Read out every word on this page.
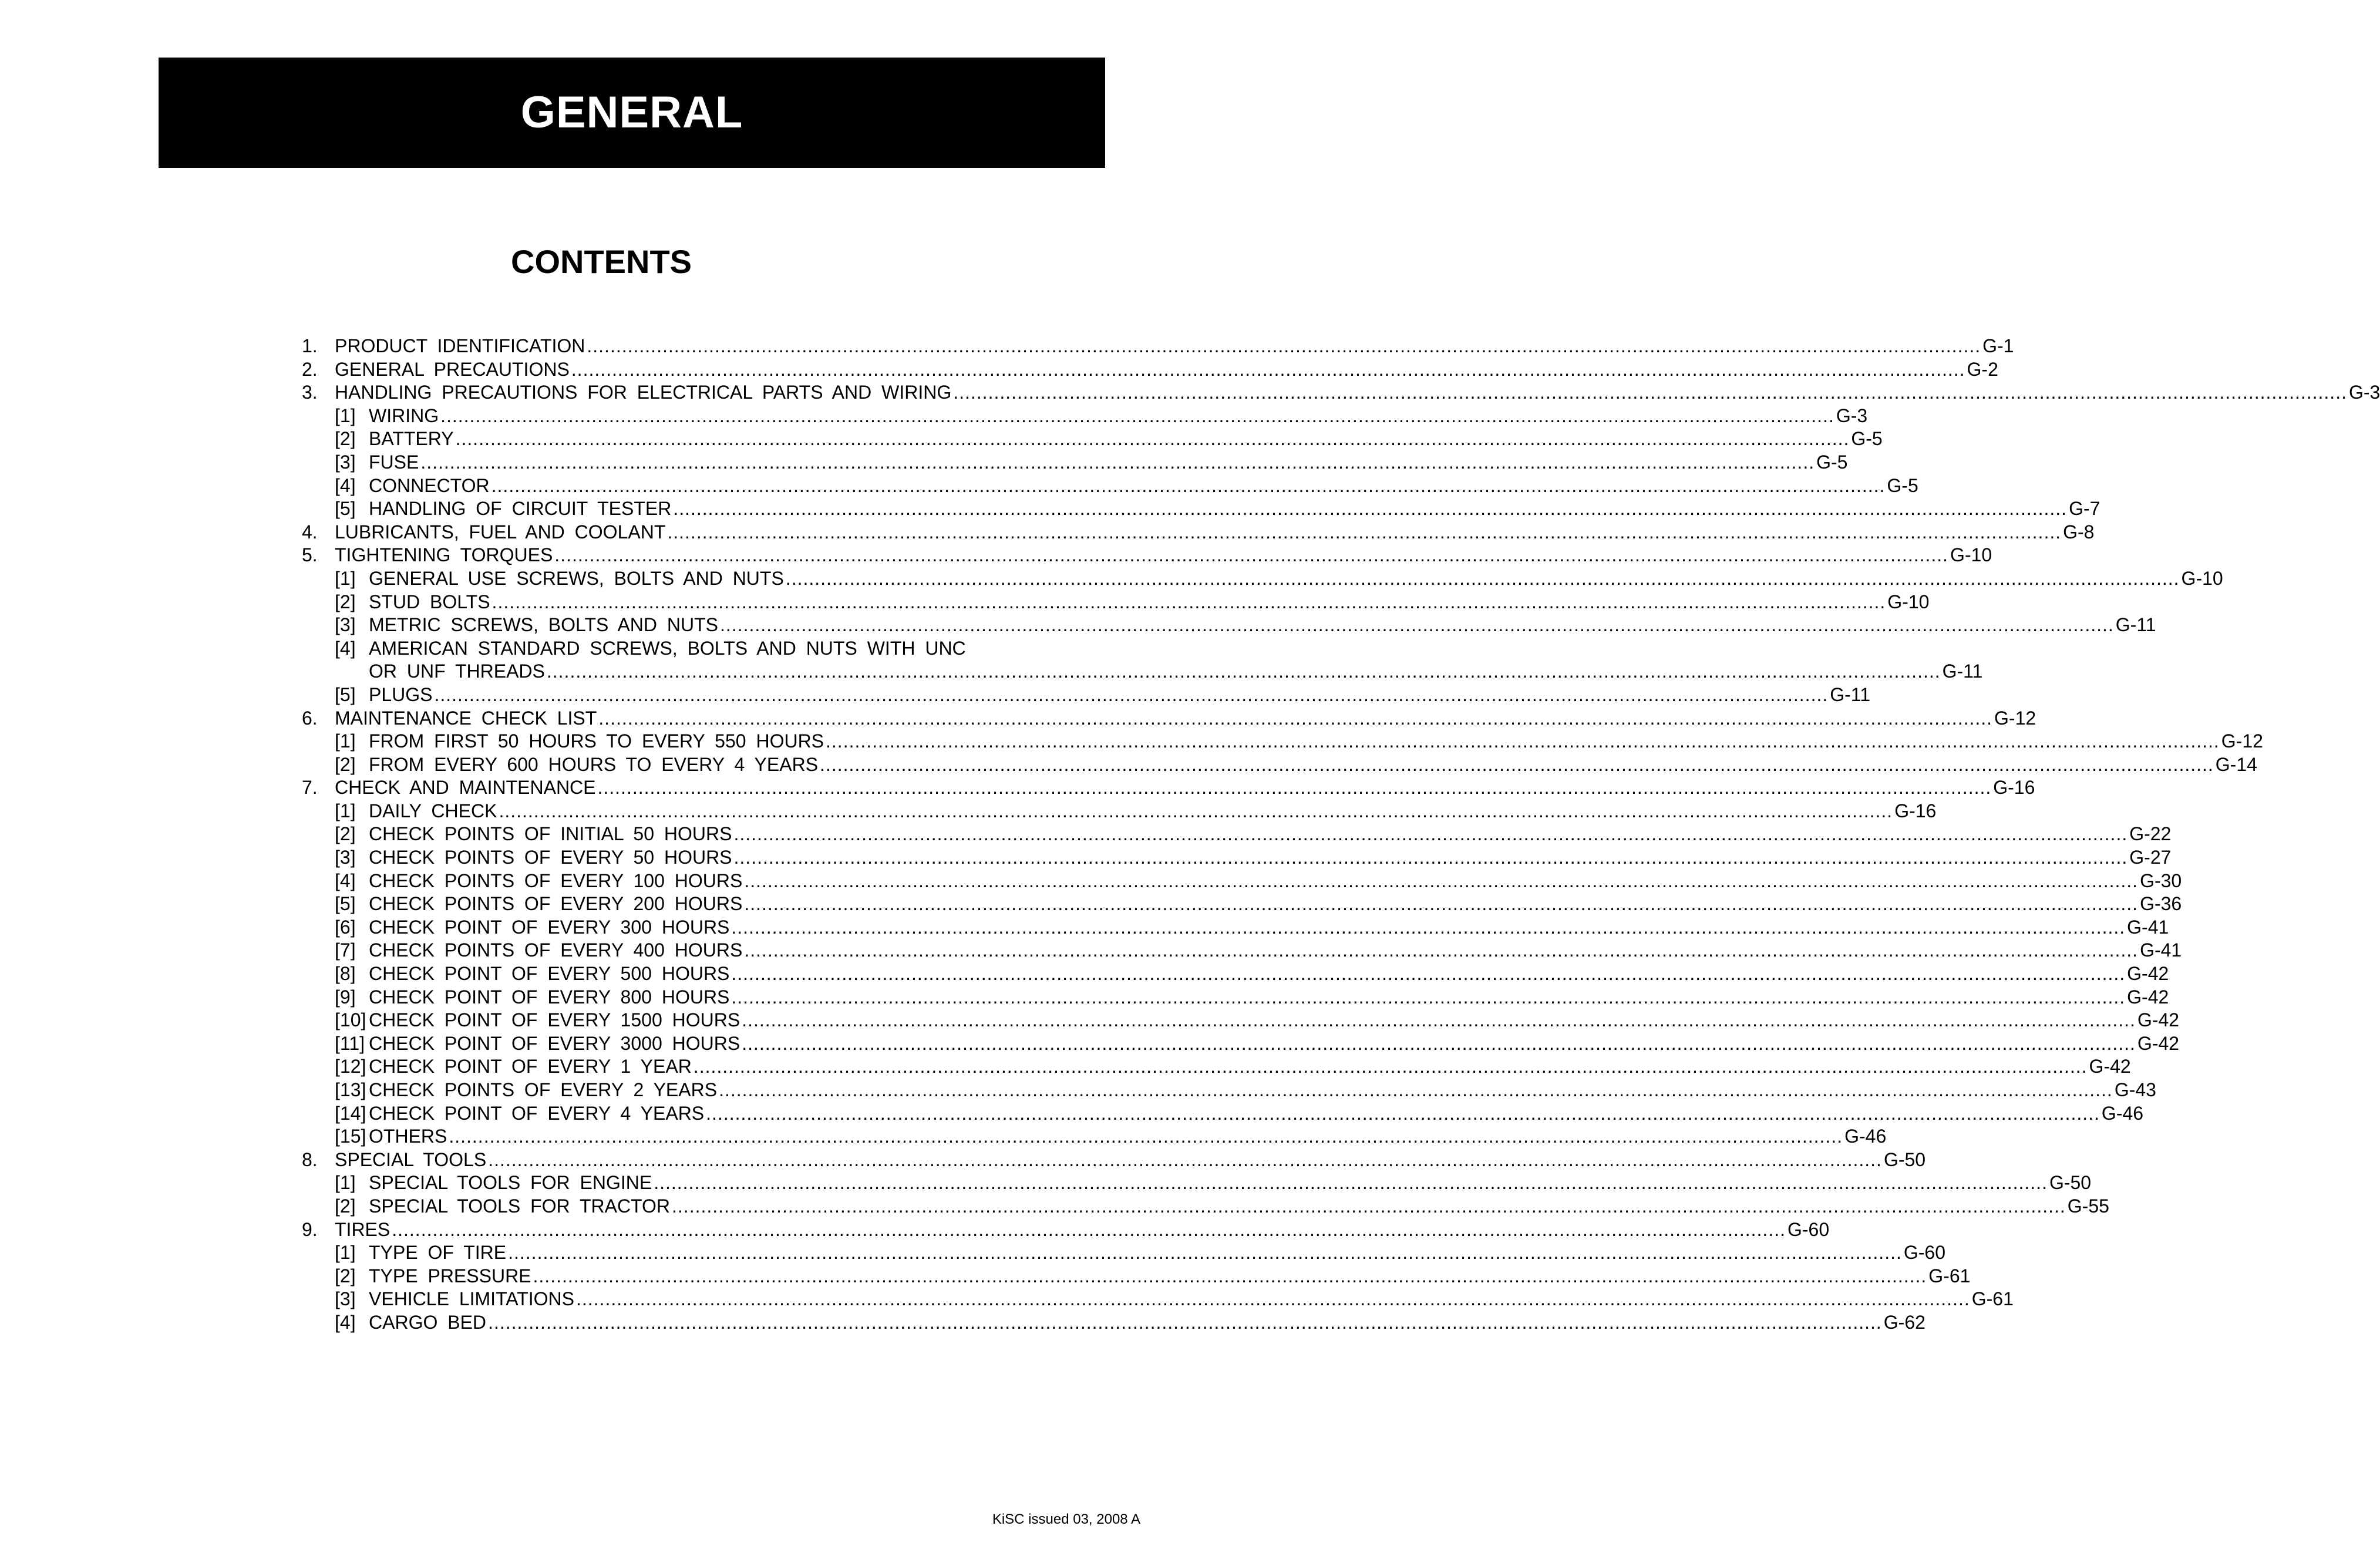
GENERAL
CONTENTS
1. PRODUCT IDENTIFICATION .....	G-1
2. GENERAL PRECAUTIONS .....	G-2
3. HANDLING PRECAUTIONS FOR ELECTRICAL PARTS AND WIRING .....	G-3
[1] WIRING .....	G-3
[2] BATTERY .....	G-5
[3] FUSE .....	G-5
[4] CONNECTOR .....	G-5
[5] HANDLING OF CIRCUIT TESTER .....	G-7
4. LUBRICANTS, FUEL AND COOLANT .....	G-8
5. TIGHTENING TORQUES .....	G-10
[1] GENERAL USE SCREWS, BOLTS AND NUTS .....	G-10
[2] STUD BOLTS .....	G-10
[3] METRIC SCREWS, BOLTS AND NUTS .....	G-11
[4] AMERICAN STANDARD SCREWS, BOLTS AND NUTS WITH UNC
OR UNF THREADS .....	G-11
[5] PLUGS .....	G-11
6. MAINTENANCE CHECK LIST .....	G-12
[1] FROM FIRST 50 HOURS TO EVERY 550 HOURS .....	G-12
[2] FROM EVERY 600 HOURS TO EVERY 4 YEARS .....	G-14
7. CHECK AND MAINTENANCE .....	G-16
[1] DAILY CHECK .....	G-16
[2] CHECK POINTS OF INITIAL 50 HOURS .....	G-22
[3] CHECK POINTS OF EVERY 50 HOURS .....	G-27
[4] CHECK POINTS OF EVERY 100 HOURS .....	G-30
[5] CHECK POINTS OF EVERY 200 HOURS .....	G-36
[6] CHECK POINT OF EVERY 300 HOURS .....	G-41
[7] CHECK POINTS OF EVERY 400 HOURS .....	G-41
[8] CHECK POINT OF EVERY 500 HOURS .....	G-42
[9] CHECK POINT OF EVERY 800 HOURS .....	G-42
[10] CHECK POINT OF EVERY 1500 HOURS .....	G-42
[11] CHECK POINT OF EVERY 3000 HOURS .....	G-42
[12] CHECK POINT OF EVERY 1 YEAR .....	G-42
[13] CHECK POINTS OF EVERY 2 YEARS .....	G-43
[14] CHECK POINT OF EVERY 4 YEARS .....	G-46
[15] OTHERS .....	G-46
8. SPECIAL TOOLS .....	G-50
[1] SPECIAL TOOLS FOR ENGINE .....	G-50
[2] SPECIAL TOOLS FOR TRACTOR .....	G-55
9. TIRES .....	G-60
[1] TYPE OF TIRE .....	G-60
[2] TYPE PRESSURE .....	G-61
[3] VEHICLE LIMITATIONS .....	G-61
[4] CARGO BED .....	G-62
KiSC issued 03, 2008 A
